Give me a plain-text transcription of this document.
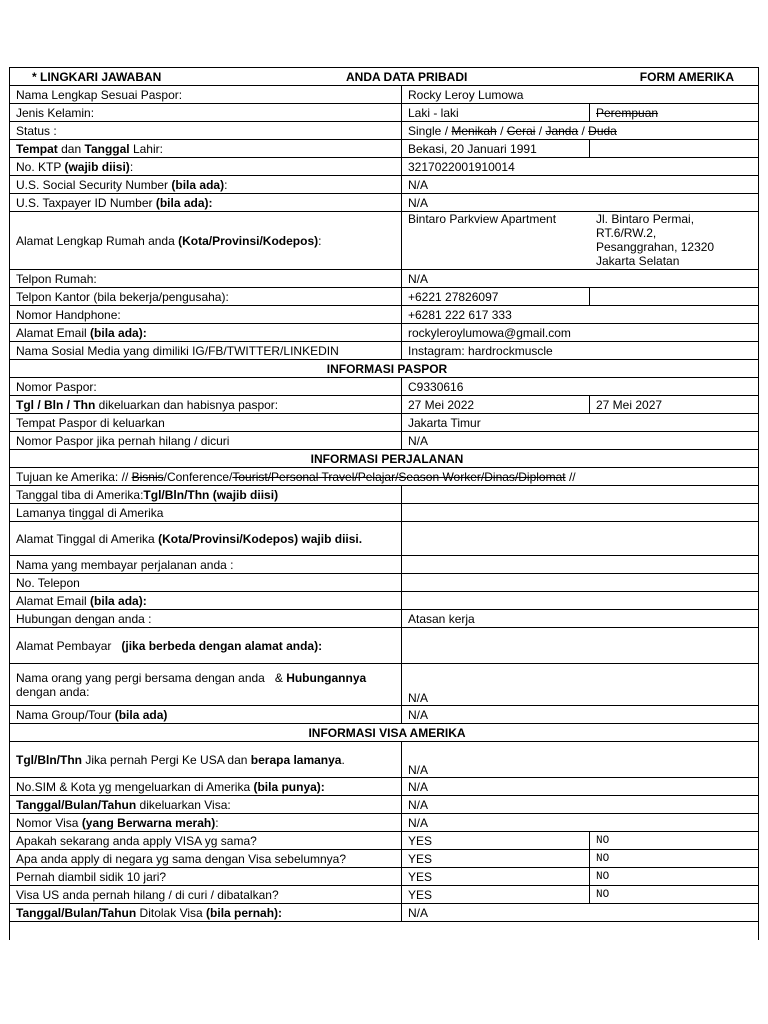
* LINGKARI JAWABAN ANDA DATA PRIBADI FORM AMERIKA		

Nama Lengkap Sesuai Paspor:	Rocky Leroy Lumowa	
Jenis Kelamin:	Laki - laki	Perempuan
Status :	Single / Menikah / Cerai / Janda / Duda	
Tempat dan Tanggal Lahir:	Bekasi, 20 Januari 1991	
No. KTP (wajib diisi):	3217022001910014	
U.S. Social Security Number (bila ada):	N/A	
U.S. Taxpayer ID Number (bila ada):	N/A	
Alamat Lengkap Rumah anda (Kota/Provinsi/Kodepos):	Bintaro Parkview Apartment Jl. Bintaro Permai,
RT.6/RW.2,
Pesanggrahan, 12320
Jakarta Selatan	

Telpon Rumah:	N/A	
Telpon Kantor (bila bekerja/pengusaha):	+6221 27826097	
Nomor Handphone:	+6281 222 617 333	
Alamat Email (bila ada):	rockyleroylumowa@gmail.com	
Nama Sosial Media yang dimiliki IG/FB/TWITTER/LINKEDIN	Instagram: hardrockmuscle	
INFORMASI PASPOR		
Nomor Paspor:	C9330616	
Tgl / Bln / Thn dikeluarkan dan habisnya paspor:	27 Mei 2022	27 Mei 2027
Tempat Paspor di keluarkan	Jakarta Timur	
Nomor Paspor jika pernah hilang / dicuri	N/A	
INFORMASI PERJALANAN		
Tujuan ke Amerika: // Bisnis/Conference/Tourist/Personal Travel/Pelajar/Season Worker/Dinas/Diplomat //		
Tanggal tiba di Amerika:Tgl/Bln/Thn (wajib diisi)		
Lamanya tinggal di Amerika		
Alamat Tinggal di Amerika (Kota/Provinsi/Kodepos) wajib diisi.		
Nama yang membayar perjalanan anda :		
No. Telepon		
Alamat Email (bila ada):		
Hubungan dengan anda :	Atasan kerja	
Alamat Pembayar   (jika berbeda dengan alamat anda):		
Nama orang yang pergi bersama dengan anda   & Hubungannya
dengan anda:	N/A	
Nama Group/Tour (bila ada)	N/A	
INFORMASI VISA AMERIKA		
Tgl/Bln/Thn Jika pernah Pergi Ke USA dan berapa lamanya.	N/A	
No.SIM & Kota yg mengeluarkan di Amerika (bila punya):	N/A	
Tanggal/Bulan/Tahun dikeluarkan Visa:	N/A	
Nomor Visa (yang Berwarna merah):	N/A	
Apakah sekarang anda apply VISA yg sama?	YES	NO
Apa anda apply di negara yg sama dengan Visa sebelumnya?	YES	NO
Pernah diambil sidik 10 jari?	YES	NO
Visa US anda pernah hilang / di curi / dibatalkan?	YES	NO
Tanggal/Bulan/Tahun Ditolak Visa (bila pernah):	N/A	
